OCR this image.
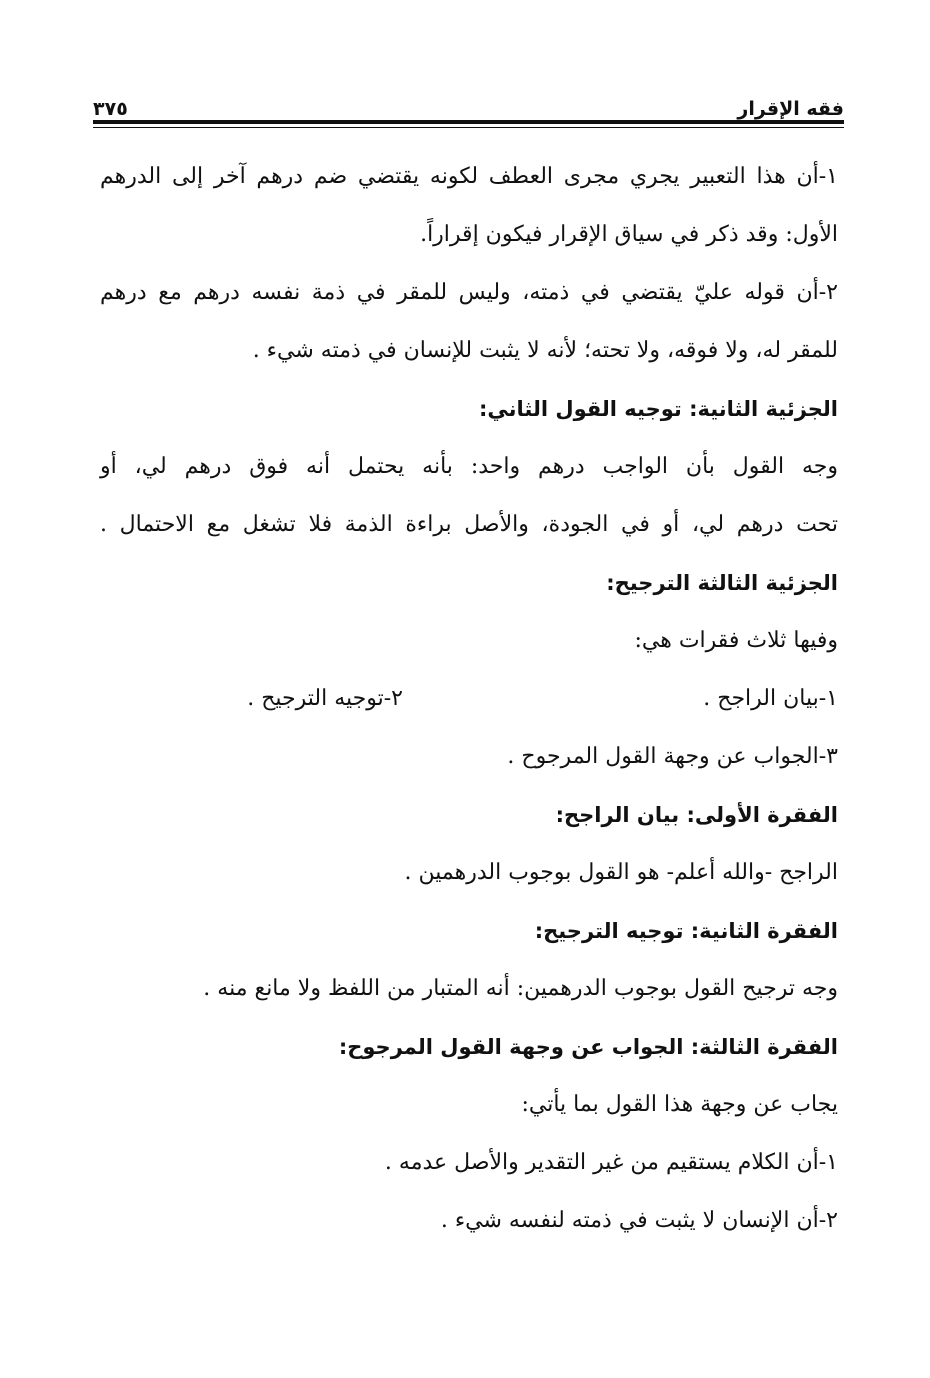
فقه الإقرار
٣٧٥
١-أن هذا التعبير يجري مجرى العطف لكونه يقتضي ضم درهم آخر إلى الدرهم
الأول: وقد ذكر في سياق الإقرار فيكون إقراراً.
٢-أن قوله عليّ يقتضي في ذمته، وليس للمقر في ذمة نفسه درهم مع درهم
للمقر له، ولا فوقه، ولا تحته؛ لأنه لا يثبت للإنسان في ذمته شيء .
الجزئية الثانية: توجيه القول الثاني:
وجه القول بأن الواجب درهم واحد: بأنه يحتمل أنه فوق درهم لي، أو
تحت درهم لي، أو في الجودة، والأصل براءة الذمة فلا تشغل مع الاحتمال .
الجزئية الثالثة الترجيح:
وفيها ثلاث فقرات هي:
١-بيان الراجح .
٢-توجيه الترجيح .
٣-الجواب عن وجهة القول المرجوح .
الفقرة الأولى: بيان الراجح:
الراجح -والله أعلم- هو القول بوجوب الدرهمين .
الفقرة الثانية: توجيه الترجيح:
وجه ترجيح القول بوجوب الدرهمين: أنه المتبار من اللفظ ولا مانع منه .
الفقرة الثالثة: الجواب عن وجهة القول المرجوح:
يجاب عن وجهة هذا القول بما يأتي:
١-أن الكلام يستقيم من غير التقدير والأصل عدمه .
٢-أن الإنسان لا يثبت في ذمته لنفسه شيء .
